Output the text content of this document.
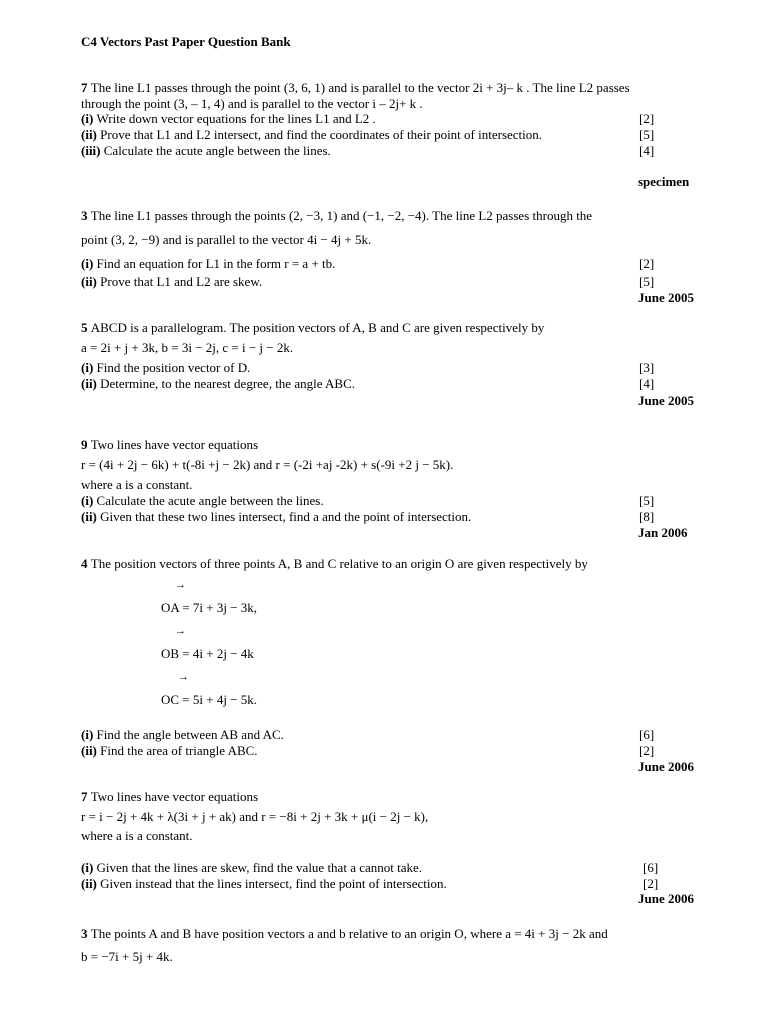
C4 Vectors Past Paper Question Bank
7 The line L1 passes through the point (3, 6, 1) and is parallel to the vector 2i + 3j– k . The line L2 passes
through the point (3, – 1, 4) and is parallel to the vector i – 2j+ k .
(i) Write down vector equations for the lines L1 and L2 .	[2]
(ii) Prove that L1 and L2 intersect, and find the coordinates of their point of intersection.	[5]
(iii) Calculate the acute angle between the lines.	[4]
specimen
3 The line L1 passes through the points (2, −3, 1) and (−1, −2, −4). The line L2 passes through the
point (3, 2, −9) and is parallel to the vector 4i − 4j + 5k.
(i) Find an equation for L1 in the form r = a + tb.	[2]
(ii) Prove that L1 and L2 are skew.	[5]
June 2005
5 ABCD is a parallelogram. The position vectors of A, B and C are given respectively by
a = 2i + j + 3k, b = 3i − 2j, c = i − j − 2k.
(i) Find the position vector of D.	[3]
(ii) Determine, to the nearest degree, the angle ABC.	[4]
June 2005
9 Two lines have vector equations
r = (4i + 2j − 6k) + t(-8i +j − 2k) and r = (-2i +aj -2k) + s(-9i +2 j − 5k).
where a is a constant.
(i) Calculate the acute angle between the lines.	[5]
(ii) Given that these two lines intersect, find a and the point of intersection.	[8]
Jan 2006
4 The position vectors of three points A, B and C relative to an origin O are given respectively by
→
OA = 7i + 3j − 3k,
→
OB = 4i + 2j − 4k
→
OC = 5i + 4j − 5k.
(i) Find the angle between AB and AC.	[6]
(ii) Find the area of triangle ABC.	[2]
June 2006
7 Two lines have vector equations
r = i − 2j + 4k + λ(3i + j + ak) and r = −8i + 2j + 3k + μ(i − 2j − k),
where a is a constant.
(i) Given that the lines are skew, find the value that a cannot take.	[6]
(ii) Given instead that the lines intersect, find the point of intersection.	[2]
June 2006
3 The points A and B have position vectors a and b relative to an origin O, where a = 4i + 3j − 2k and
b = −7i + 5j + 4k.
